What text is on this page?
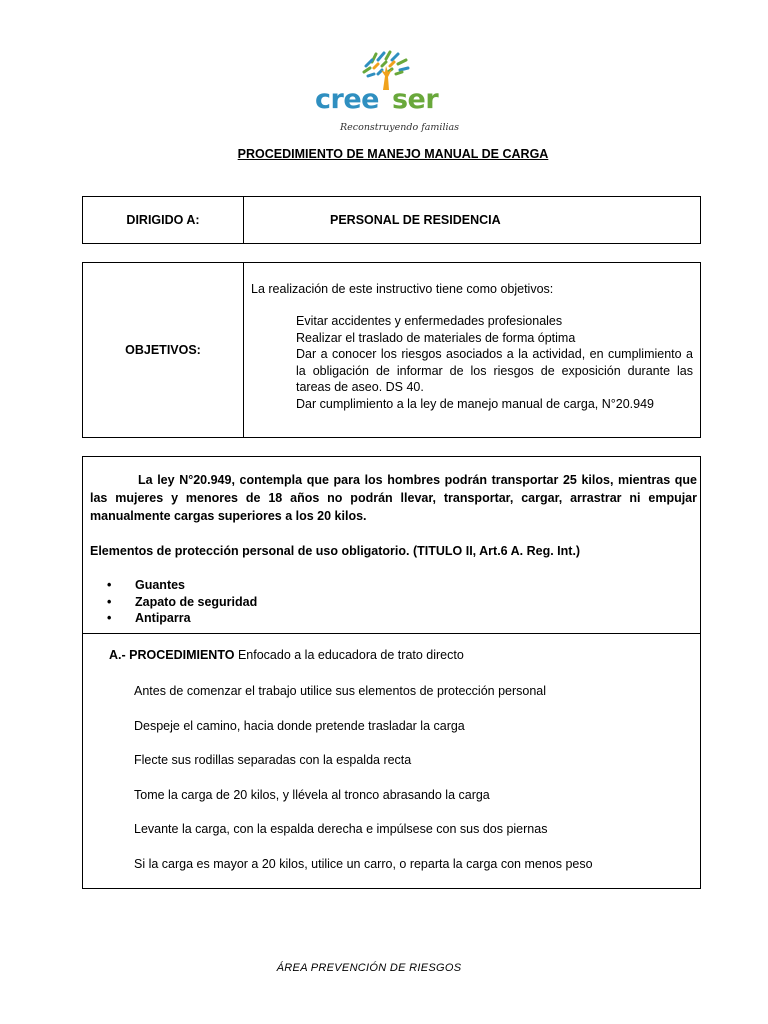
cree ser
Reconstruyendo familias
PROCEDIMIENTO DE MANEJO MANUAL DE CARGA
DIRIGIDO A:	PERSONAL DE RESIDENCIA
OBJETIVOS:	
La realización de este instructivo tiene como objetivos:
Evitar accidentes y enfermedades profesionales
Realizar el traslado de materiales de forma óptima
Dar a conocer los riesgos asociados a la actividad, en cumplimiento a la obligación de informar de los riesgos de exposición durante las tareas de aseo. DS 40.
Dar cumplimiento a la ley de manejo manual de carga, N°20.949
La ley N°20.949, contempla que para los hombres podrán transportar 25 kilos, mientras que las mujeres y menores de 18 años no podrán llevar, transportar, cargar, arrastrar ni empujar manualmente cargas superiores a los 20 kilos.
Elementos de protección personal de uso obligatorio. (TITULO II, Art.6 A. Reg. Int.)
• Guantes
• Zapato de seguridad
• Antiparra
A.- PROCEDIMIENTO Enfocado a la educadora de trato directo
Antes de comenzar el trabajo utilice sus elementos de protección personal
Despeje el camino, hacia donde pretende trasladar la carga
Flecte sus rodillas separadas con la espalda recta
Tome la carga de 20 kilos, y llévela al tronco abrasando la carga
Levante la carga, con la espalda derecha e impúlsese con sus dos piernas
Si la carga es mayor a 20 kilos, utilice un carro, o reparta la carga con menos peso
ÁREA PREVENCIÓN DE RIESGOS
